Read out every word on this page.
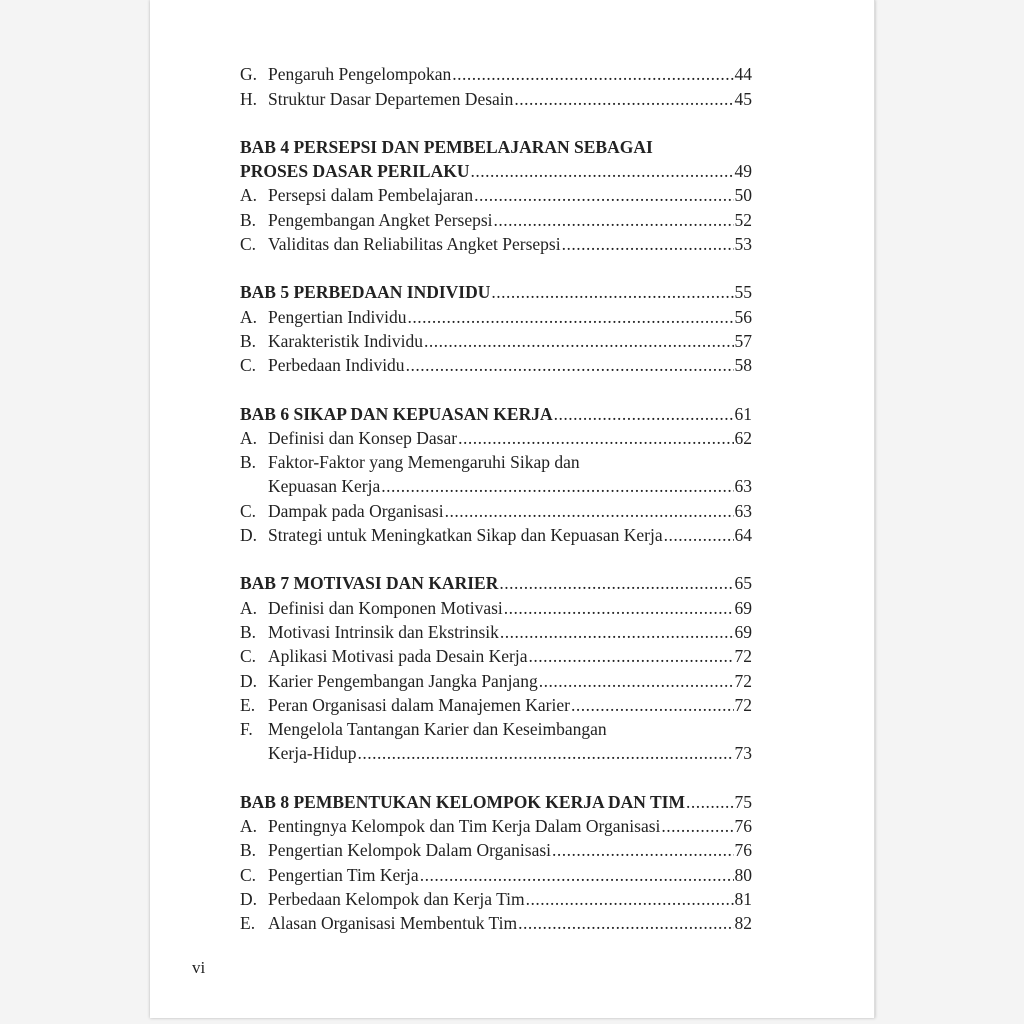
G. Pengaruh Pengelompokan .....	44
H. Struktur Dasar Departemen Desain .....	45
BAB 4 PERSEPSI DAN PEMBELAJARAN SEBAGAI
PROSES DASAR PERILAKU .....	49
A. Persepsi dalam Pembelajaran .....	50
B. Pengembangan Angket Persepsi .....	52
C. Validitas dan Reliabilitas Angket Persepsi .....	53
BAB 5 PERBEDAAN INDIVIDU .....	55
A. Pengertian Individu .....	56
B. Karakteristik Individu .....	57
C. Perbedaan Individu .....	58
BAB 6 SIKAP DAN KEPUASAN KERJA .....	61
A. Definisi dan Konsep Dasar .....	62
B. Faktor-Faktor yang Memengaruhi Sikap dan
Kepuasan Kerja .....	63
C. Dampak pada Organisasi .....	63
D. Strategi untuk Meningkatkan Sikap dan Kepuasan Kerja .....	64
BAB 7 MOTIVASI DAN KARIER .....	65
A. Definisi dan Komponen Motivasi .....	69
B. Motivasi Intrinsik dan Ekstrinsik .....	69
C. Aplikasi Motivasi pada Desain Kerja .....	72
D. Karier Pengembangan Jangka Panjang .....	72
E. Peran Organisasi dalam Manajemen Karier .....	72
F. Mengelola Tantangan Karier dan Keseimbangan
Kerja-Hidup .....	73
BAB 8 PEMBENTUKAN KELOMPOK KERJA DAN TIM .....	75
A. Pentingnya Kelompok dan Tim Kerja Dalam Organisasi .....	76
B. Pengertian Kelompok Dalam Organisasi .....	76
C. Pengertian Tim Kerja .....	80
D. Perbedaan Kelompok dan Kerja Tim .....	81
E. Alasan Organisasi Membentuk Tim .....	82
vi
